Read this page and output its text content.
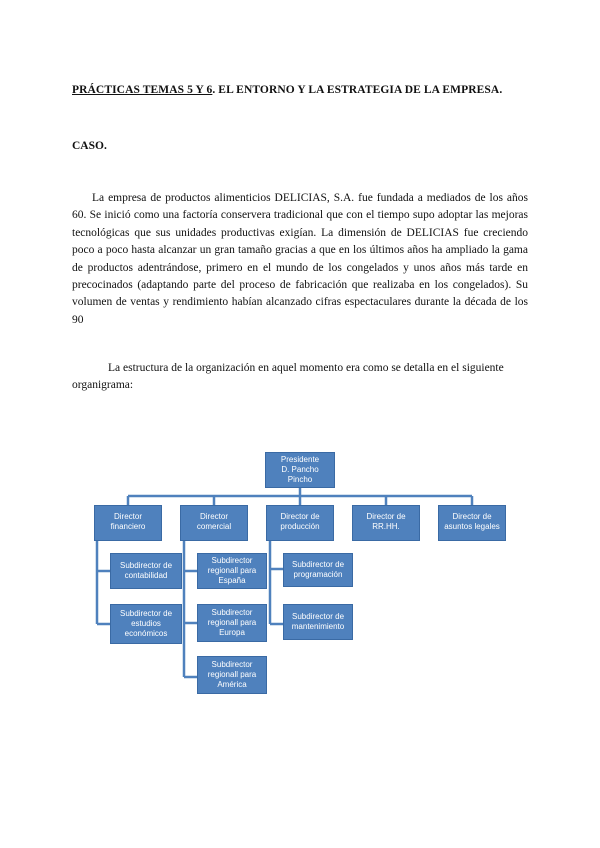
PRÁCTICAS TEMAS 5 Y 6. EL ENTORNO Y LA ESTRATEGIA DE LA EMPRESA.
CASO.
La empresa de productos alimenticios DELICIAS, S.A. fue fundada a mediados de los años 60. Se inició como una factoría conservera tradicional que con el tiempo supo adoptar las mejoras tecnológicas que sus unidades productivas exigían. La dimensión de DELICIAS fue creciendo poco a poco hasta alcanzar un gran tamaño gracias a que en los últimos años ha ampliado la gama de productos adentrándose, primero en el mundo de los congelados y unos años más tarde en precocinados (adaptando parte del proceso de fabricación que realizaba en los congelados). Su volumen de ventas y rendimiento habían alcanzado cifras espectaculares durante la década de los 90
La estructura de la organización en aquel momento era como se detalla en el siguiente organigrama:
Presidente
D. Pancho Pincho
Director financiero
Director comercial
Director de producción
Director de RR.HH.
Director de asuntos legales
Subdirector de contabilidad
Subdirector de estudios económicos
Subdirector regionall para España
Subdirector regionall para Europa
Subdirector regionall para América
Subdirector de programación
Subdirector de mantenimiento
